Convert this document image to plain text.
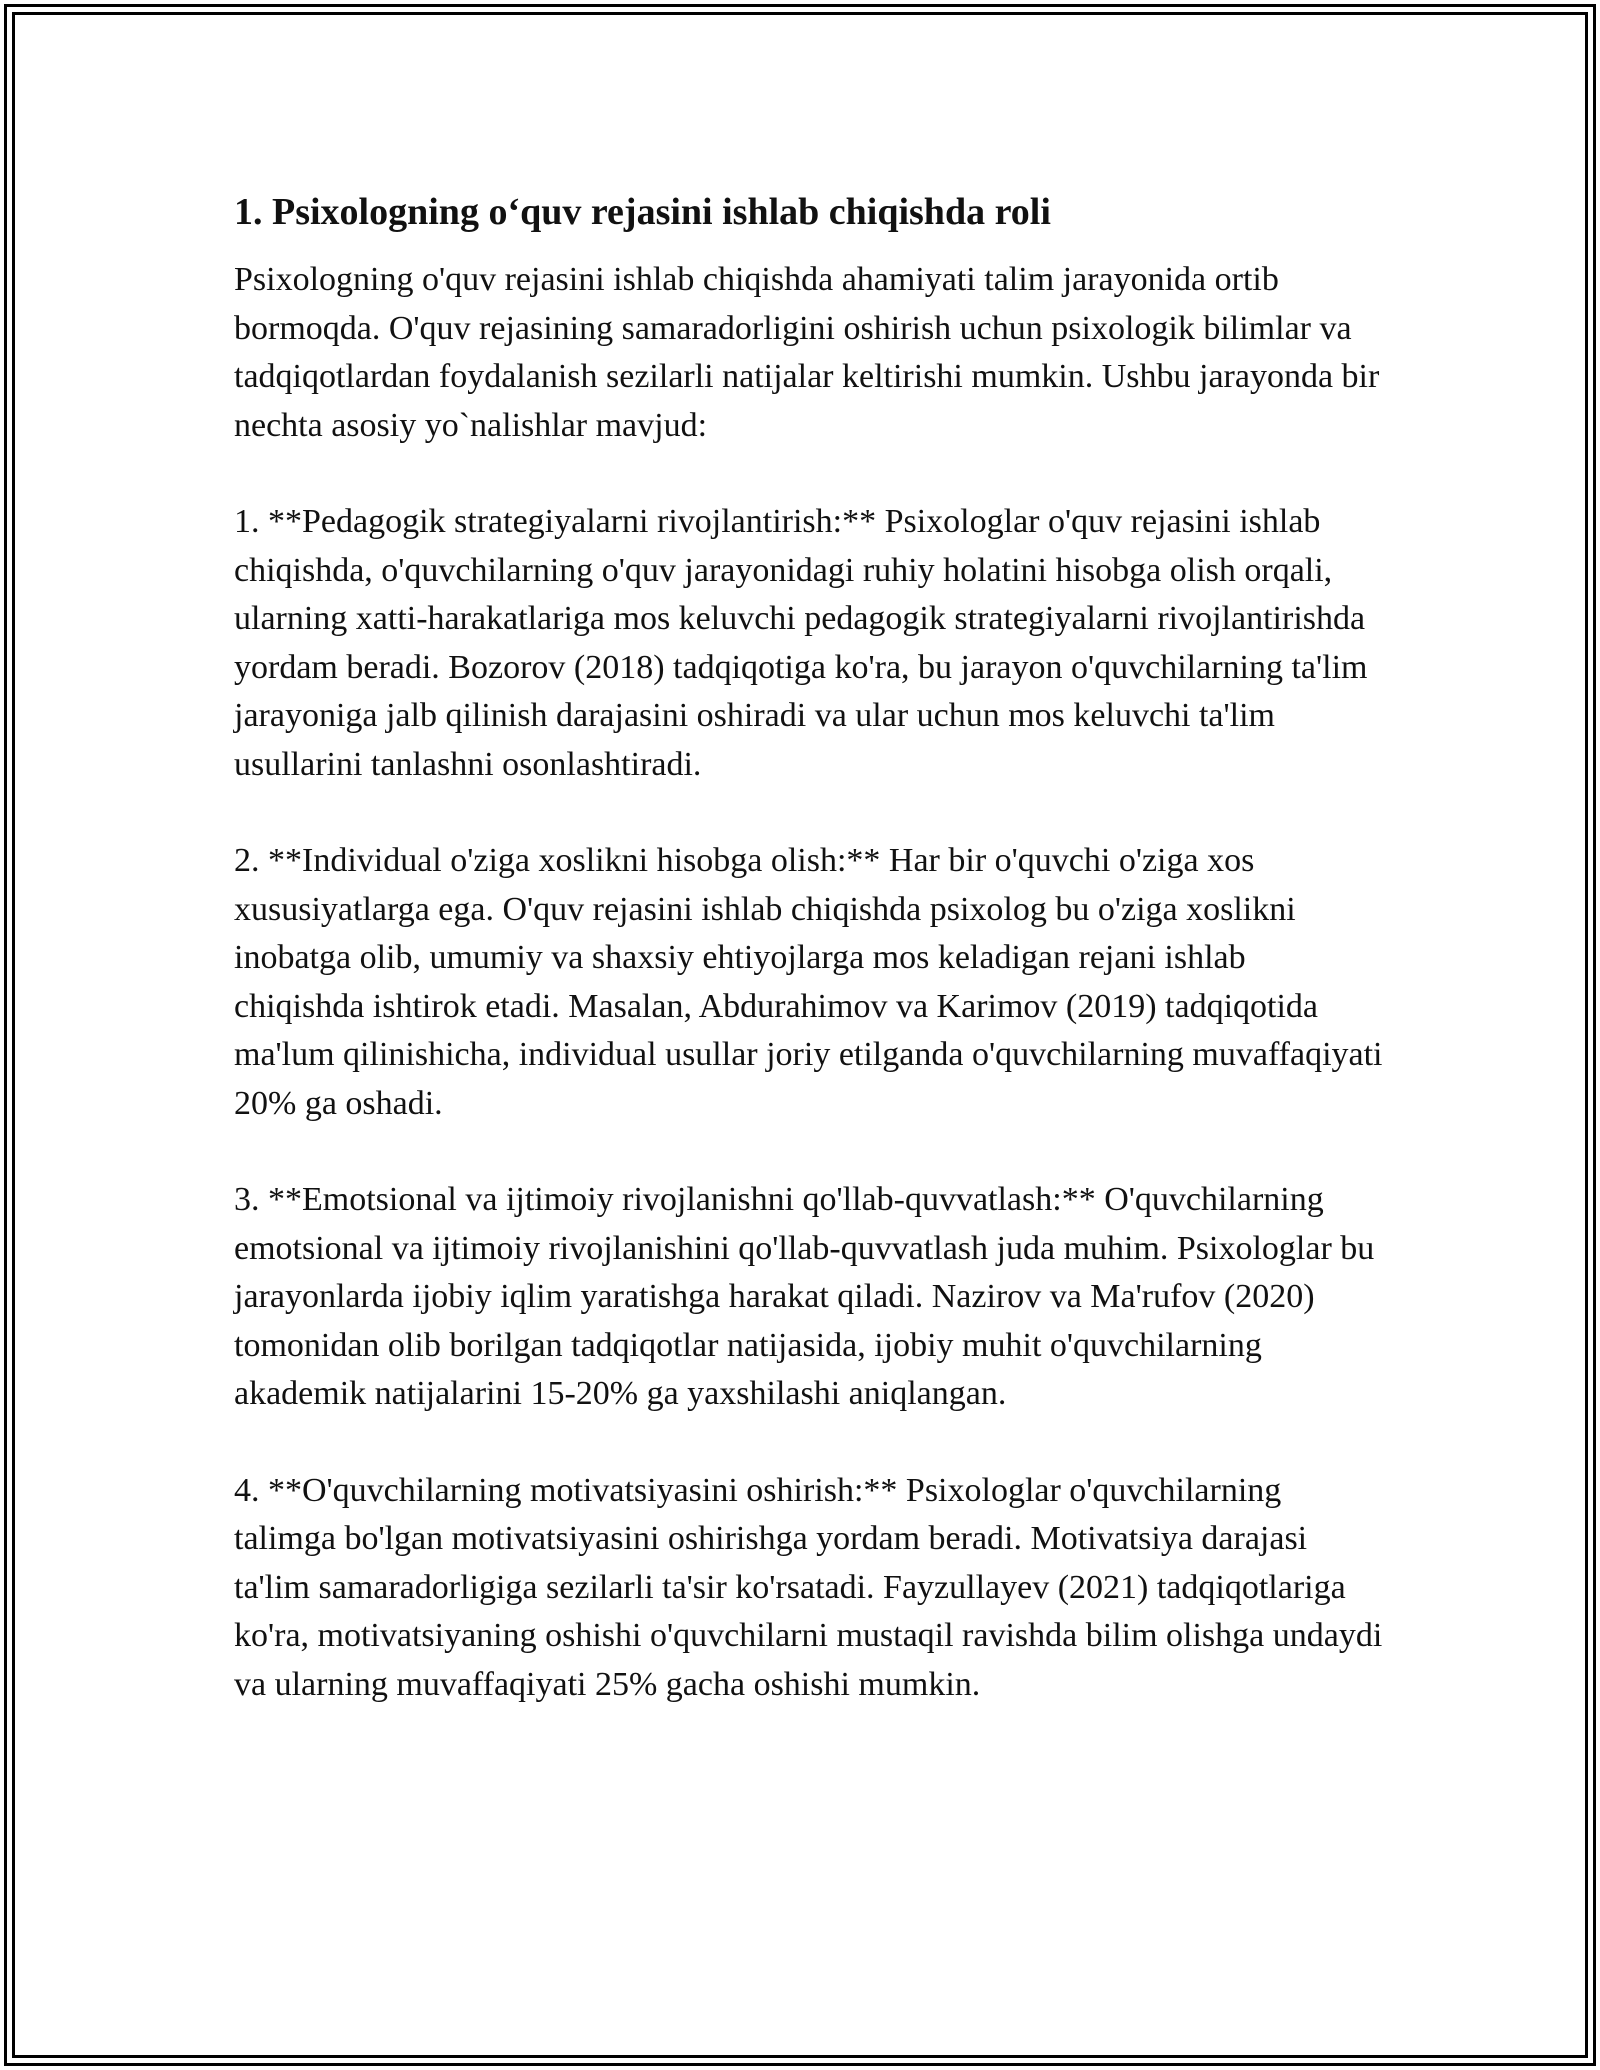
1. Psixologning o‘quv rejasini ishlab chiqishda roli

Psixologning o'quv rejasini ishlab chiqishda ahamiyati talim jarayonida ortib bormoqda. O'quv rejasining samaradorligini oshirish uchun psixologik bilimlar va tadqiqotlardan foydalanish sezilarli natijalar keltirishi mumkin. Ushbu jarayonda bir nechta asosiy yo`nalishlar mavjud:

1. **Pedagogik strategiyalarni rivojlantirish:** Psixologlar o'quv rejasini ishlab chiqishda, o'quvchilarning o'quv jarayonidagi ruhiy holatini hisobga olish orqali, ularning xatti-harakatlariga mos keluvchi pedagogik strategiyalarni rivojlantirishda yordam beradi. Bozorov (2018) tadqiqotiga ko'ra, bu jarayon o'quvchilarning ta'lim jarayoniga jalb qilinish darajasini oshiradi va ular uchun mos keluvchi ta'lim usullarini tanlashni osonlashtiradi.

2. **Individual o'ziga xoslikni hisobga olish:** Har bir o'quvchi o'ziga xos xususiyatlarga ega. O'quv rejasini ishlab chiqishda psixolog bu o'ziga xoslikni inobatga olib, umumiy va shaxsiy ehtiyojlarga mos keladigan rejani ishlab chiqishda ishtirok etadi. Masalan, Abdurahimov va Karimov (2019) tadqiqotida ma'lum qilinishicha, individual usullar joriy etilganda o'quvchilarning muvaffaqiyati 20% ga oshadi.

3. **Emotsional va ijtimoiy rivojlanishni qo'llab-quvvatlash:** O'quvchilarning emotsional va ijtimoiy rivojlanishini qo'llab-quvvatlash juda muhim. Psixologlar bu jarayonlarda ijobiy iqlim yaratishga harakat qiladi. Nazirov va Ma'rufov (2020) tomonidan olib borilgan tadqiqotlar natijasida, ijobiy muhit o'quvchilarning akademik natijalarini 15-20% ga yaxshilashi aniqlangan.

4. **O'quvchilarning motivatsiyasini oshirish:** Psixologlar o'quvchilarning talimga bo'lgan motivatsiyasini oshirishga yordam beradi. Motivatsiya darajasi ta'lim samaradorligiga sezilarli ta'sir ko'rsatadi. Fayzullayev (2021) tadqiqotlariga ko'ra, motivatsiyaning oshishi o'quvchilarni mustaqil ravishda bilim olishga undaydi va ularning muvaffaqiyati 25% gacha oshishi mumkin.
